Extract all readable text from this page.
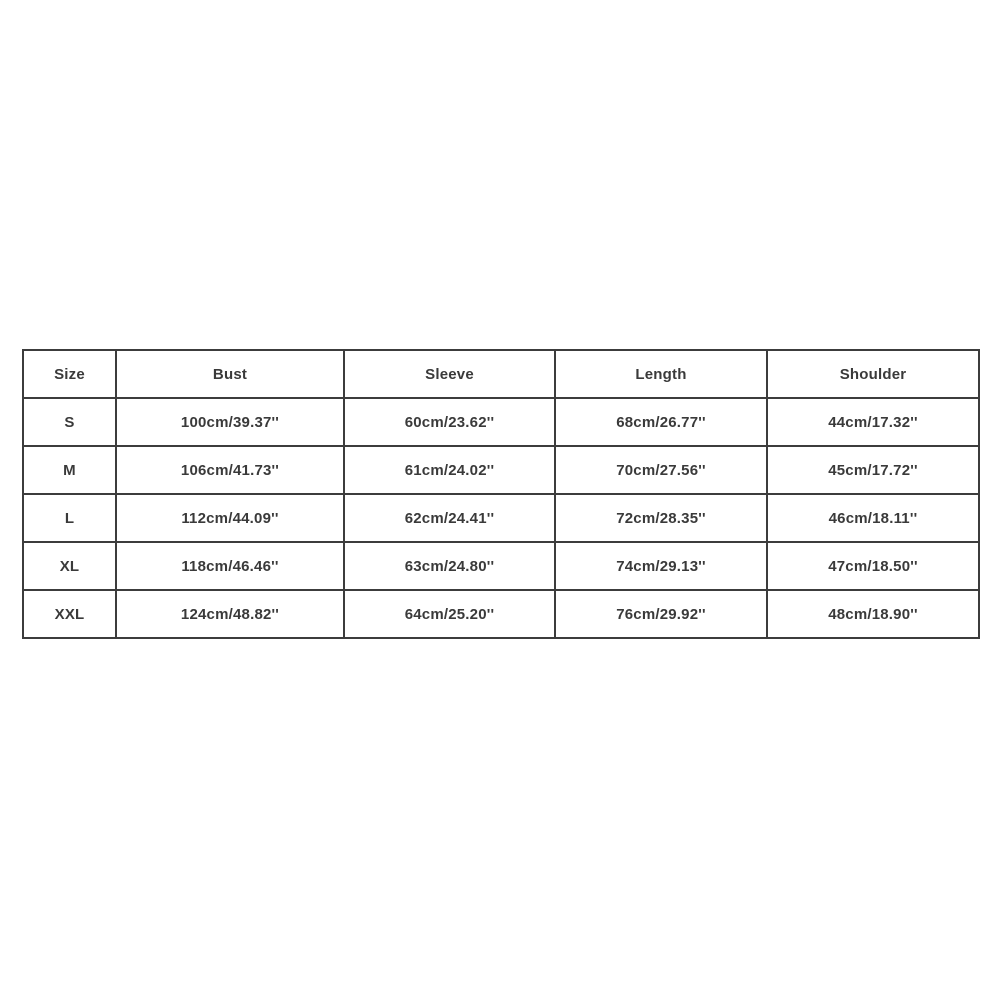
Size	Bust	Sleeve	Length	Shoulder
S	100cm/39.37''	60cm/23.62''	68cm/26.77''	44cm/17.32''
M	106cm/41.73''	61cm/24.02''	70cm/27.56''	45cm/17.72''
L	112cm/44.09''	62cm/24.41''	72cm/28.35''	46cm/18.11''
XL	118cm/46.46''	63cm/24.80''	74cm/29.13''	47cm/18.50''
XXL	124cm/48.82''	64cm/25.20''	76cm/29.92''	48cm/18.90''
